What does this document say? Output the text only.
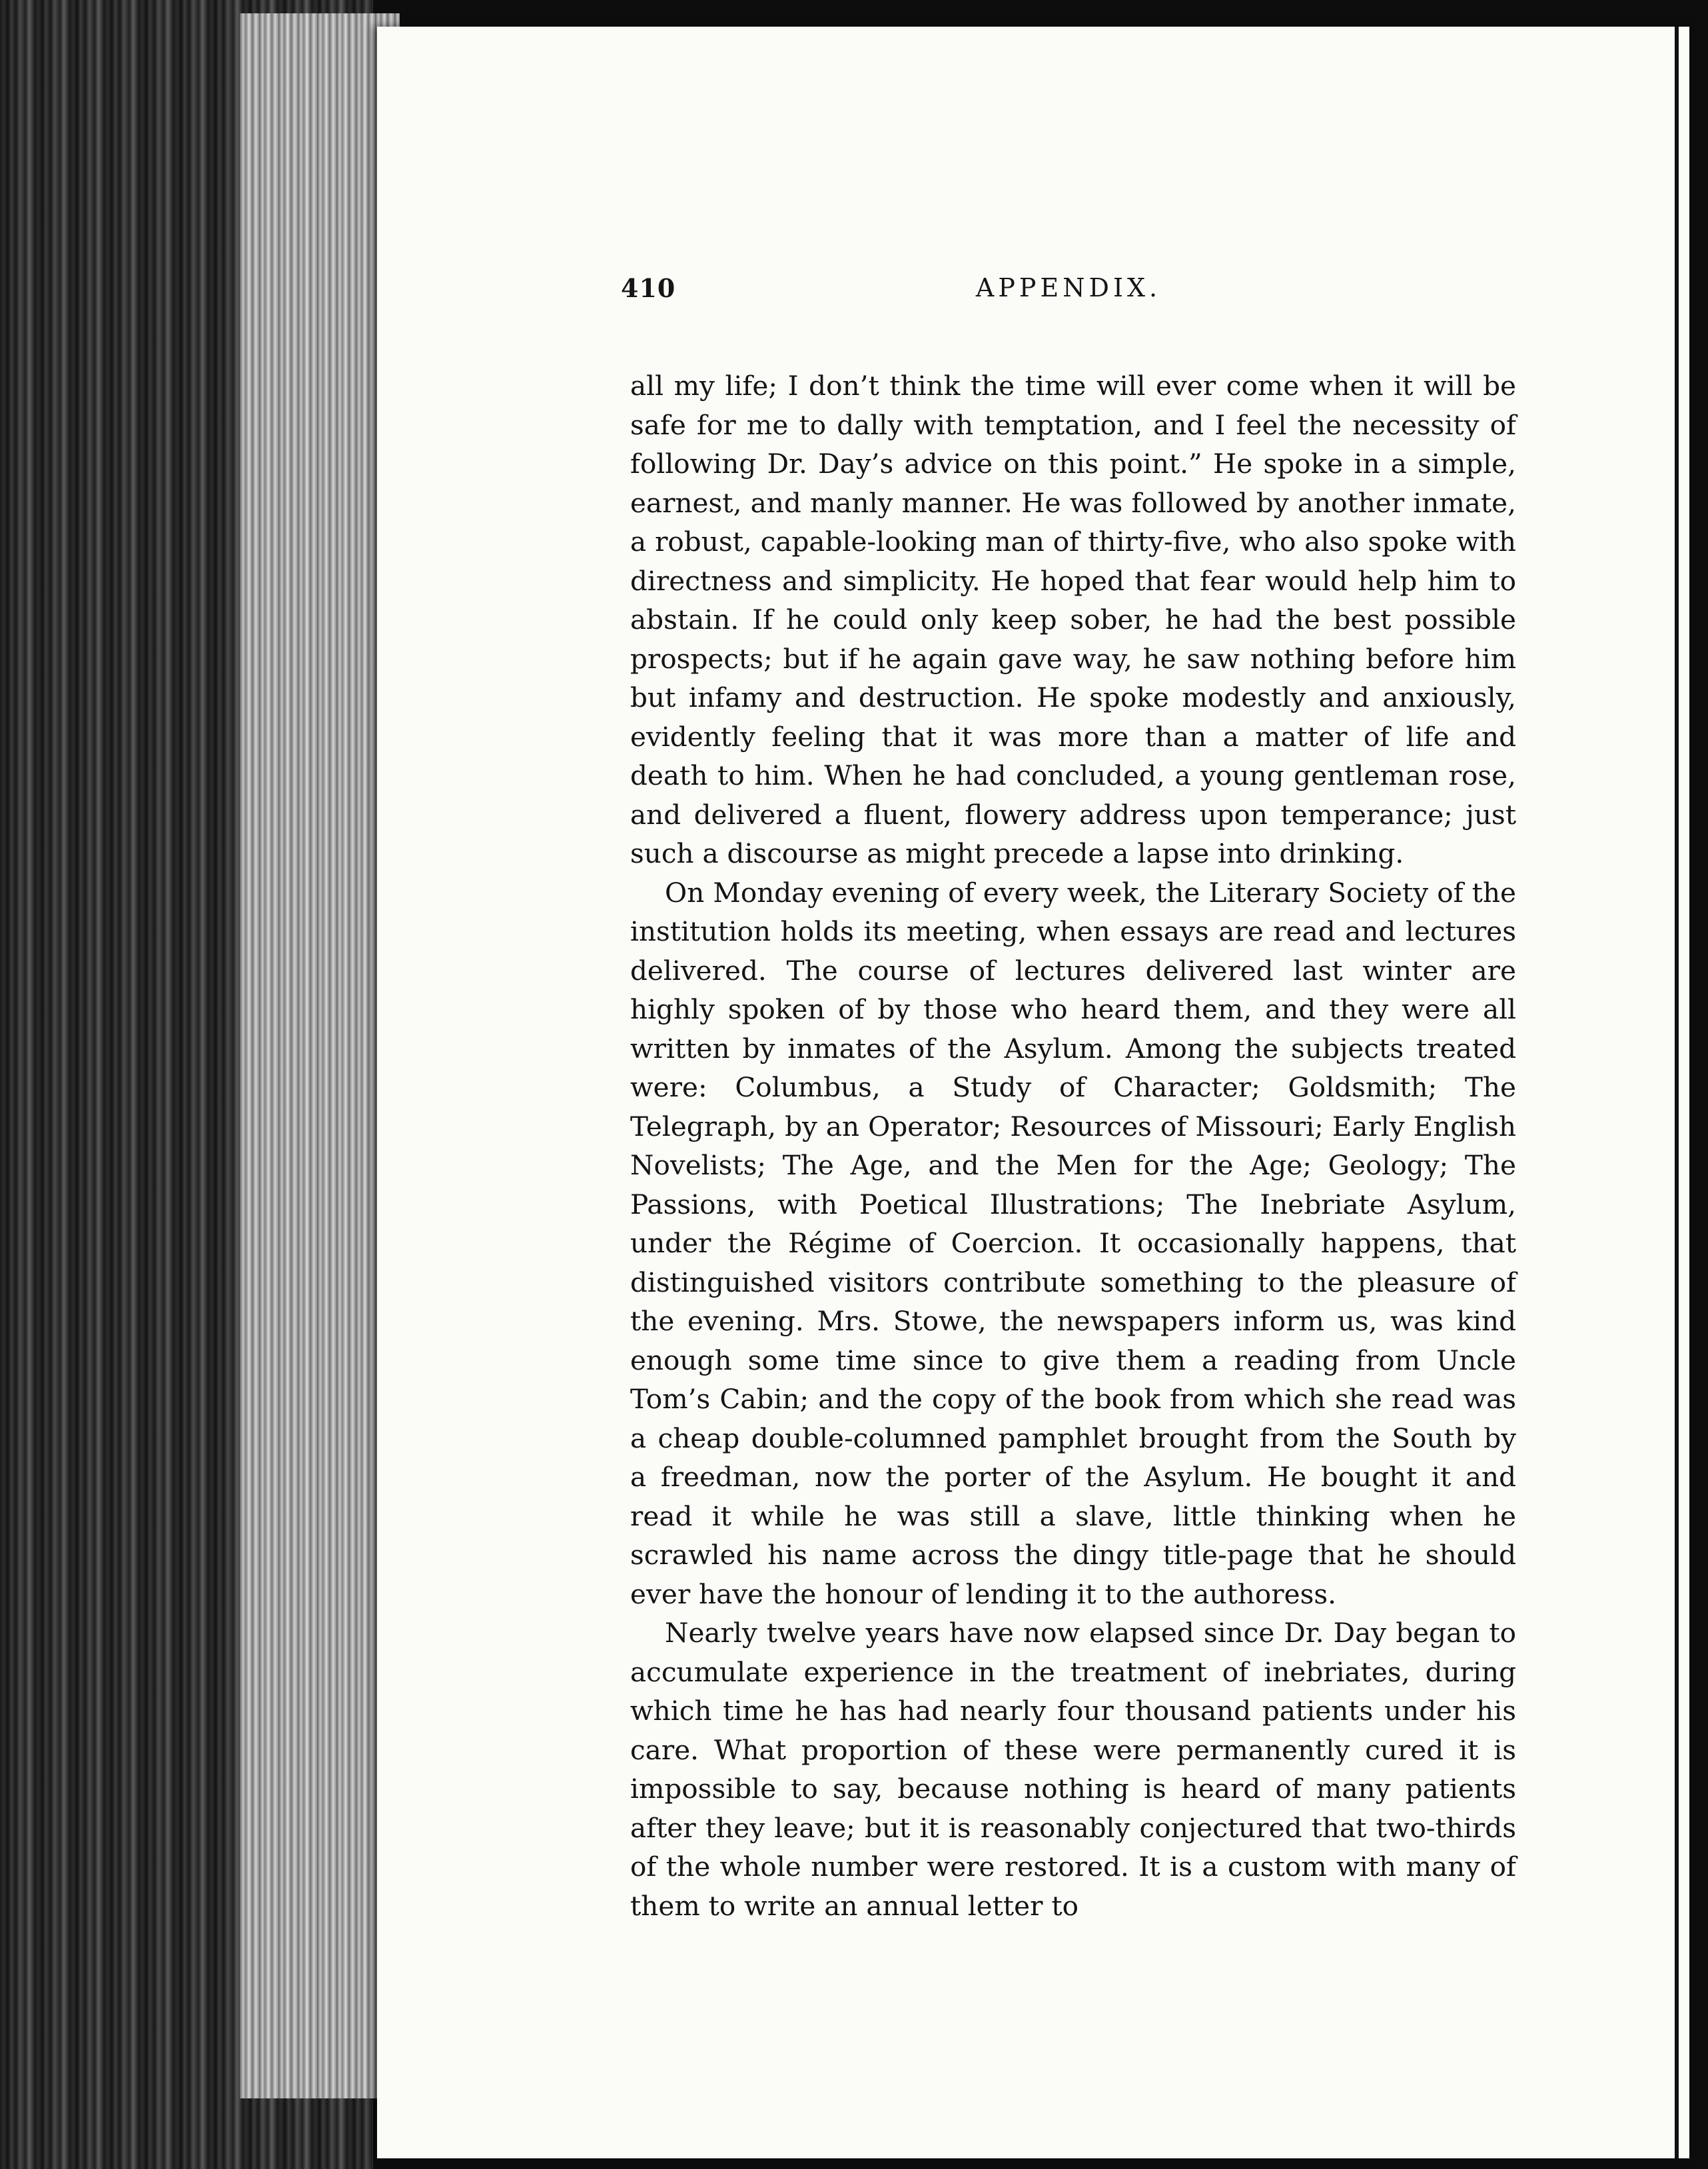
410	APPENDIX.

all my life; I don’t think the time will ever come when it will be safe for me to dally with temptation, and I feel the necessity of following Dr. Day’s advice on this point.” He spoke in a simple, earnest, and manly manner. He was followed by another inmate, a robust, capable-looking man of thirty-five, who also spoke with directness and simplicity. He hoped that fear would help him to abstain. If he could only keep sober, he had the best possible prospects; but if he again gave way, he saw nothing before him but infamy and destruction. He spoke modestly and anxiously, evidently feeling that it was more than a matter of life and death to him. When he had concluded, a young gentleman rose, and delivered a fluent, flowery address upon temperance; just such a discourse as might precede a lapse into drinking.

On Monday evening of every week, the Literary Society of the institution holds its meeting, when essays are read and lectures delivered. The course of lectures delivered last winter are highly spoken of by those who heard them, and they were all written by inmates of the Asylum. Among the subjects treated were: Columbus, a Study of Character; Goldsmith; The Telegraph, by an Operator; Resources of Missouri; Early English Novelists; The Age, and the Men for the Age; Geology; The Passions, with Poetical Illustrations; The Inebriate Asylum, under the Régime of Coercion. It occasionally happens, that distinguished visitors contribute something to the pleasure of the evening. Mrs. Stowe, the newspapers inform us, was kind enough some time since to give them a reading from Uncle Tom’s Cabin; and the copy of the book from which she read was a cheap double-columned pamphlet brought from the South by a freedman, now the porter of the Asylum. He bought it and read it while he was still a slave, little thinking when he scrawled his name across the dingy title-page that he should ever have the honour of lending it to the authoress.

Nearly twelve years have now elapsed since Dr. Day began to accumulate experience in the treatment of inebriates, during which time he has had nearly four thousand patients under his care. What proportion of these were permanently cured it is impossible to say, because nothing is heard of many patients after they leave; but it is reasonably conjectured that two-thirds of the whole number were restored. It is a custom with many of them to write an annual letter to
